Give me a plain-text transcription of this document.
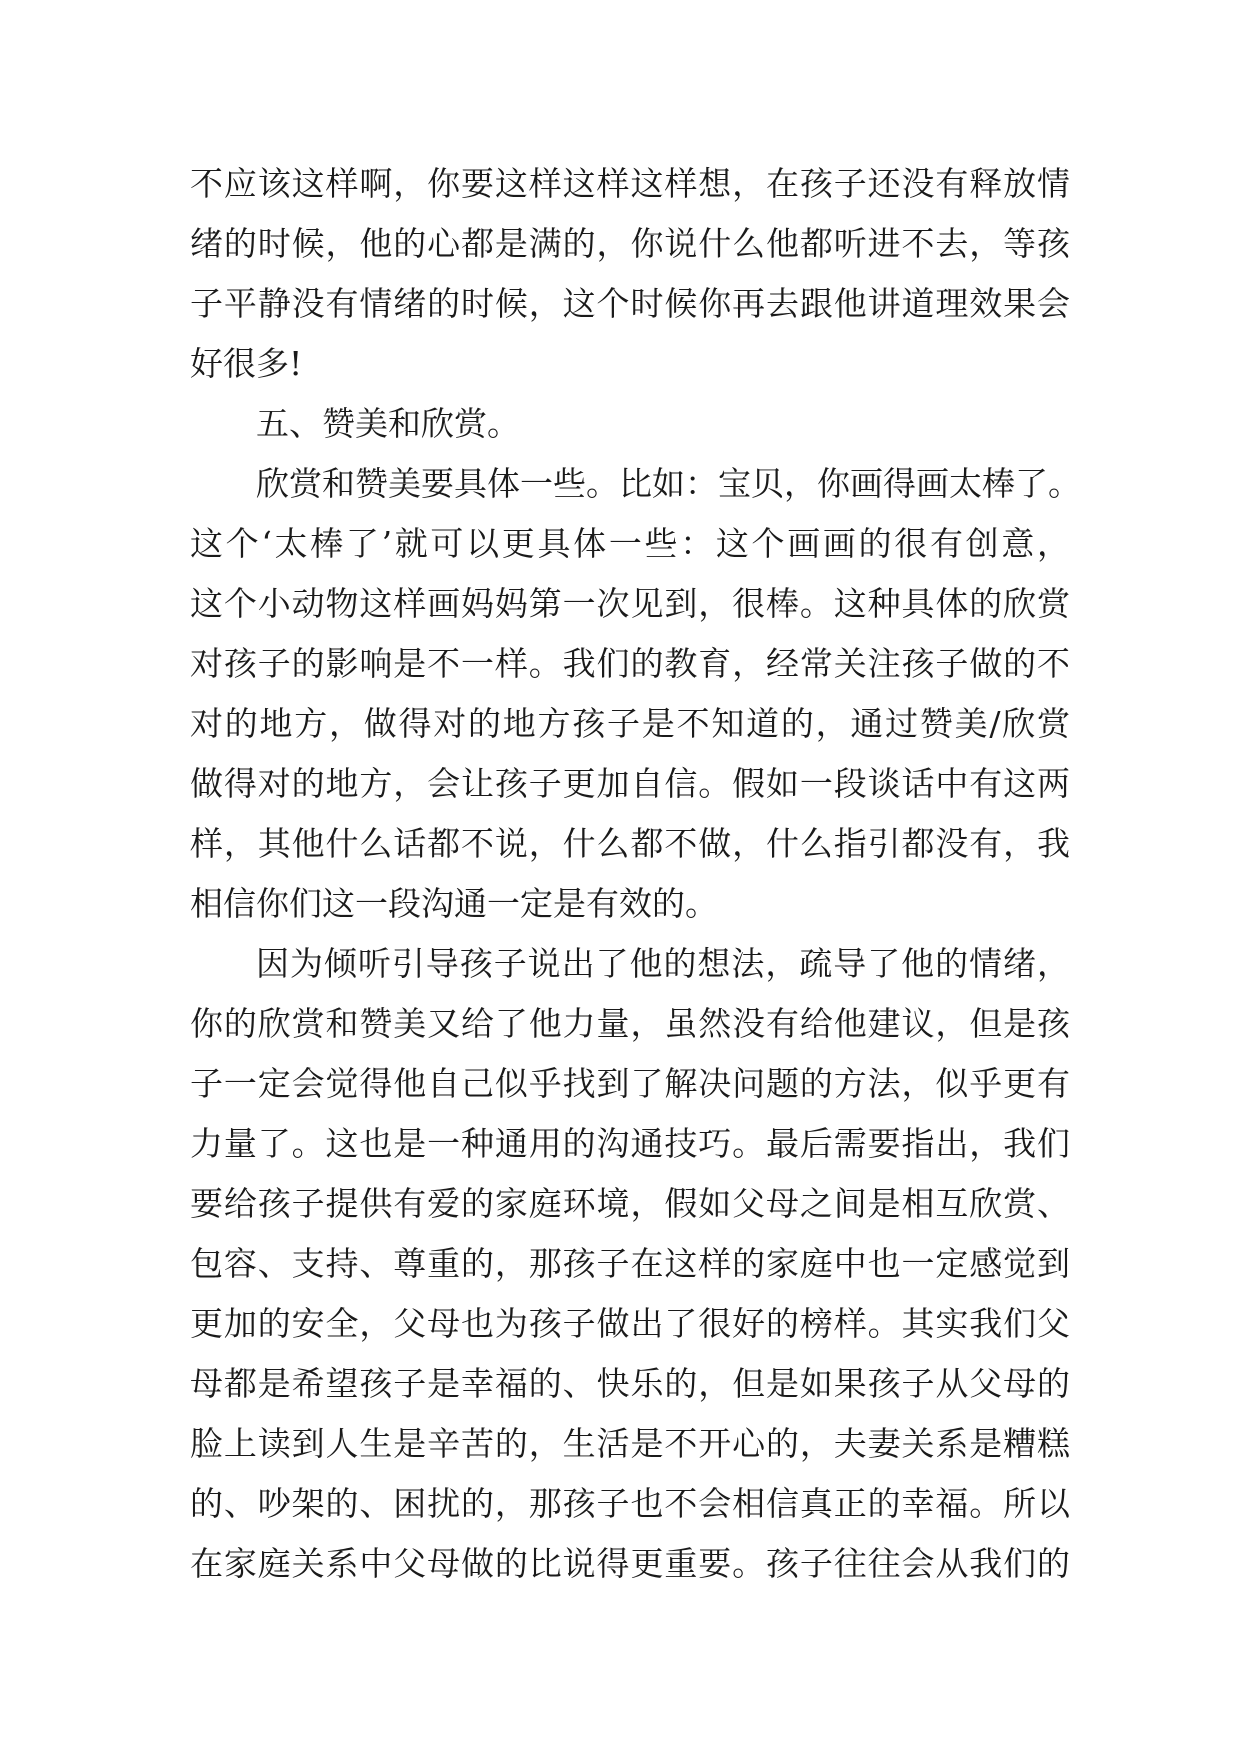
不应该这样啊，你要这样这样这样想，在孩子还没有释放情
绪的时候，他的心都是满的，你说什么他都听进不去，等孩
子平静没有情绪的时候，这个时候你再去跟他讲道理效果会
好很多!
五、赞美和欣赏。
欣赏和赞美要具体一些。比如：宝贝，你画得画太棒了。
这个‘太棒了’就可以更具体一些：这个画画的很有创意，
这个小动物这样画妈妈第一次见到，很棒。这种具体的欣赏
对孩子的影响是不一样。我们的教育，经常关注孩子做的不
对的地方，做得对的地方孩子是不知道的，通过赞美/欣赏
做得对的地方，会让孩子更加自信。假如一段谈话中有这两
样，其他什么话都不说，什么都不做，什么指引都没有，我
相信你们这一段沟通一定是有效的。
因为倾听引导孩子说出了他的想法，疏导了他的情绪，
你的欣赏和赞美又给了他力量，虽然没有给他建议，但是孩
子一定会觉得他自己似乎找到了解决问题的方法，似乎更有
力量了。这也是一种通用的沟通技巧。最后需要指出，我们
要给孩子提供有爱的家庭环境，假如父母之间是相互欣赏、
包容、支持、尊重的，那孩子在这样的家庭中也一定感觉到
更加的安全，父母也为孩子做出了很好的榜样。其实我们父
母都是希望孩子是幸福的、快乐的，但是如果孩子从父母的
脸上读到人生是辛苦的，生活是不开心的，夫妻关系是糟糕
的、吵架的、困扰的，那孩子也不会相信真正的幸福。所以
在家庭关系中父母做的比说得更重要。孩子往往会从我们的
